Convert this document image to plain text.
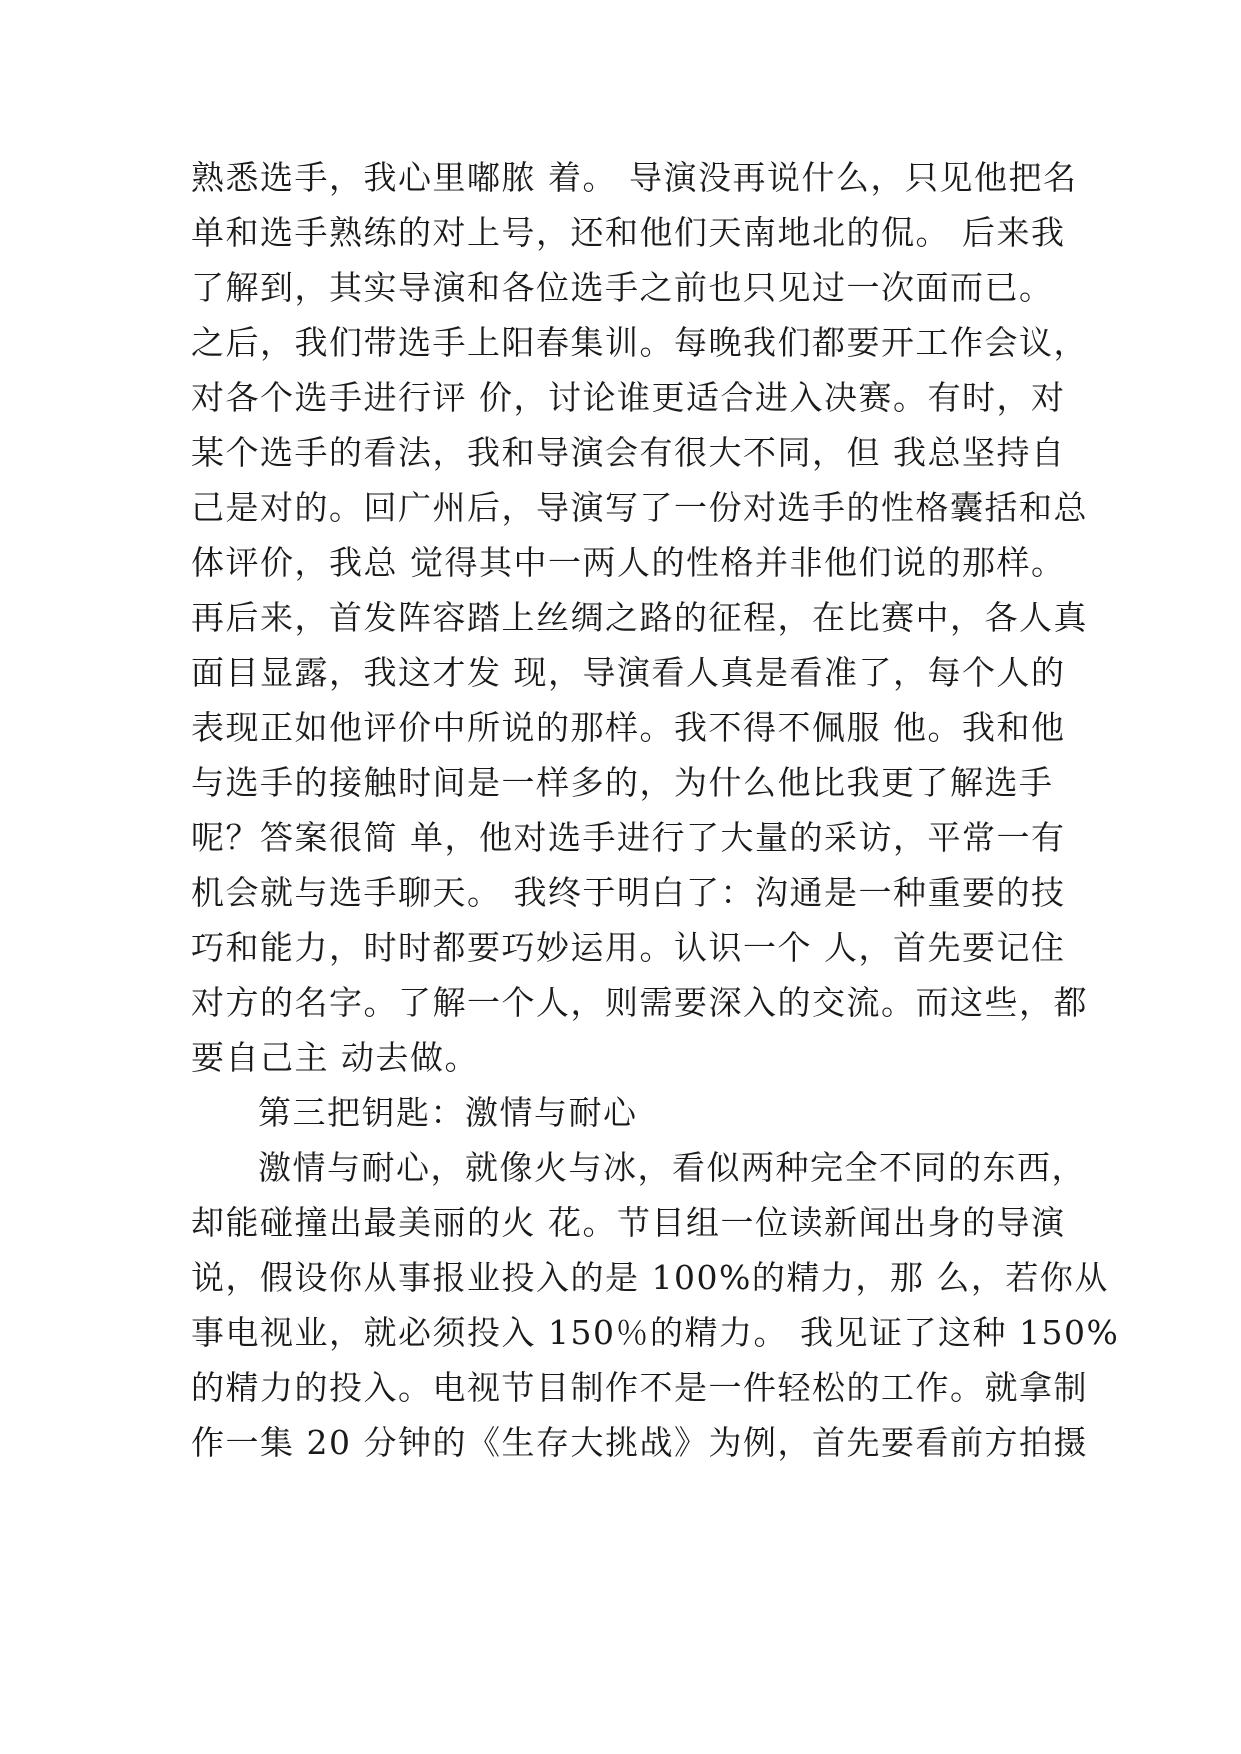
熟悉选手，我心里嘟脓 着。 导演没再说什么，只见他把名
单和选手熟练的对上号，还和他们天南地北的侃。 后来我
了解到，其实导演和各位选手之前也只见过一次面而已。
之后，我们带选手上阳春集训。每晚我们都要开工作会议，
对各个选手进行评 价，讨论谁更适合进入决赛。有时，对
某个选手的看法，我和导演会有很大不同，但 我总坚持自
己是对的。回广州后，导演写了一份对选手的性格囊括和总
体评价，我总 觉得其中一两人的性格并非他们说的那样。
再后来，首发阵容踏上丝绸之路的征程，在比赛中，各人真
面目显露，我这才发 现，导演看人真是看准了，每个人的
表现正如他评价中所说的那样。我不得不佩服 他。我和他
与选手的接触时间是一样多的，为什么他比我更了解选手
呢？答案很简 单，他对选手进行了大量的采访，平常一有
机会就与选手聊天。 我终于明白了：沟通是一种重要的技
巧和能力，时时都要巧妙运用。认识一个 人，首先要记住
对方的名字。了解一个人，则需要深入的交流。而这些，都
要自己主 动去做。
第三把钥匙：激情与耐心
激情与耐心，就像火与冰，看似两种完全不同的东西，
却能碰撞出最美丽的火 花。节目组一位读新闻出身的导演
说，假设你从事报业投入的是 100%的精力，那 么，若你从
事电视业，就必须投入 150％的精力。 我见证了这种 150%
的精力的投入。电视节目制作不是一件轻松的工作。就拿制
作一集 20 分钟的《生存大挑战》为例，首先要看前方拍摄
